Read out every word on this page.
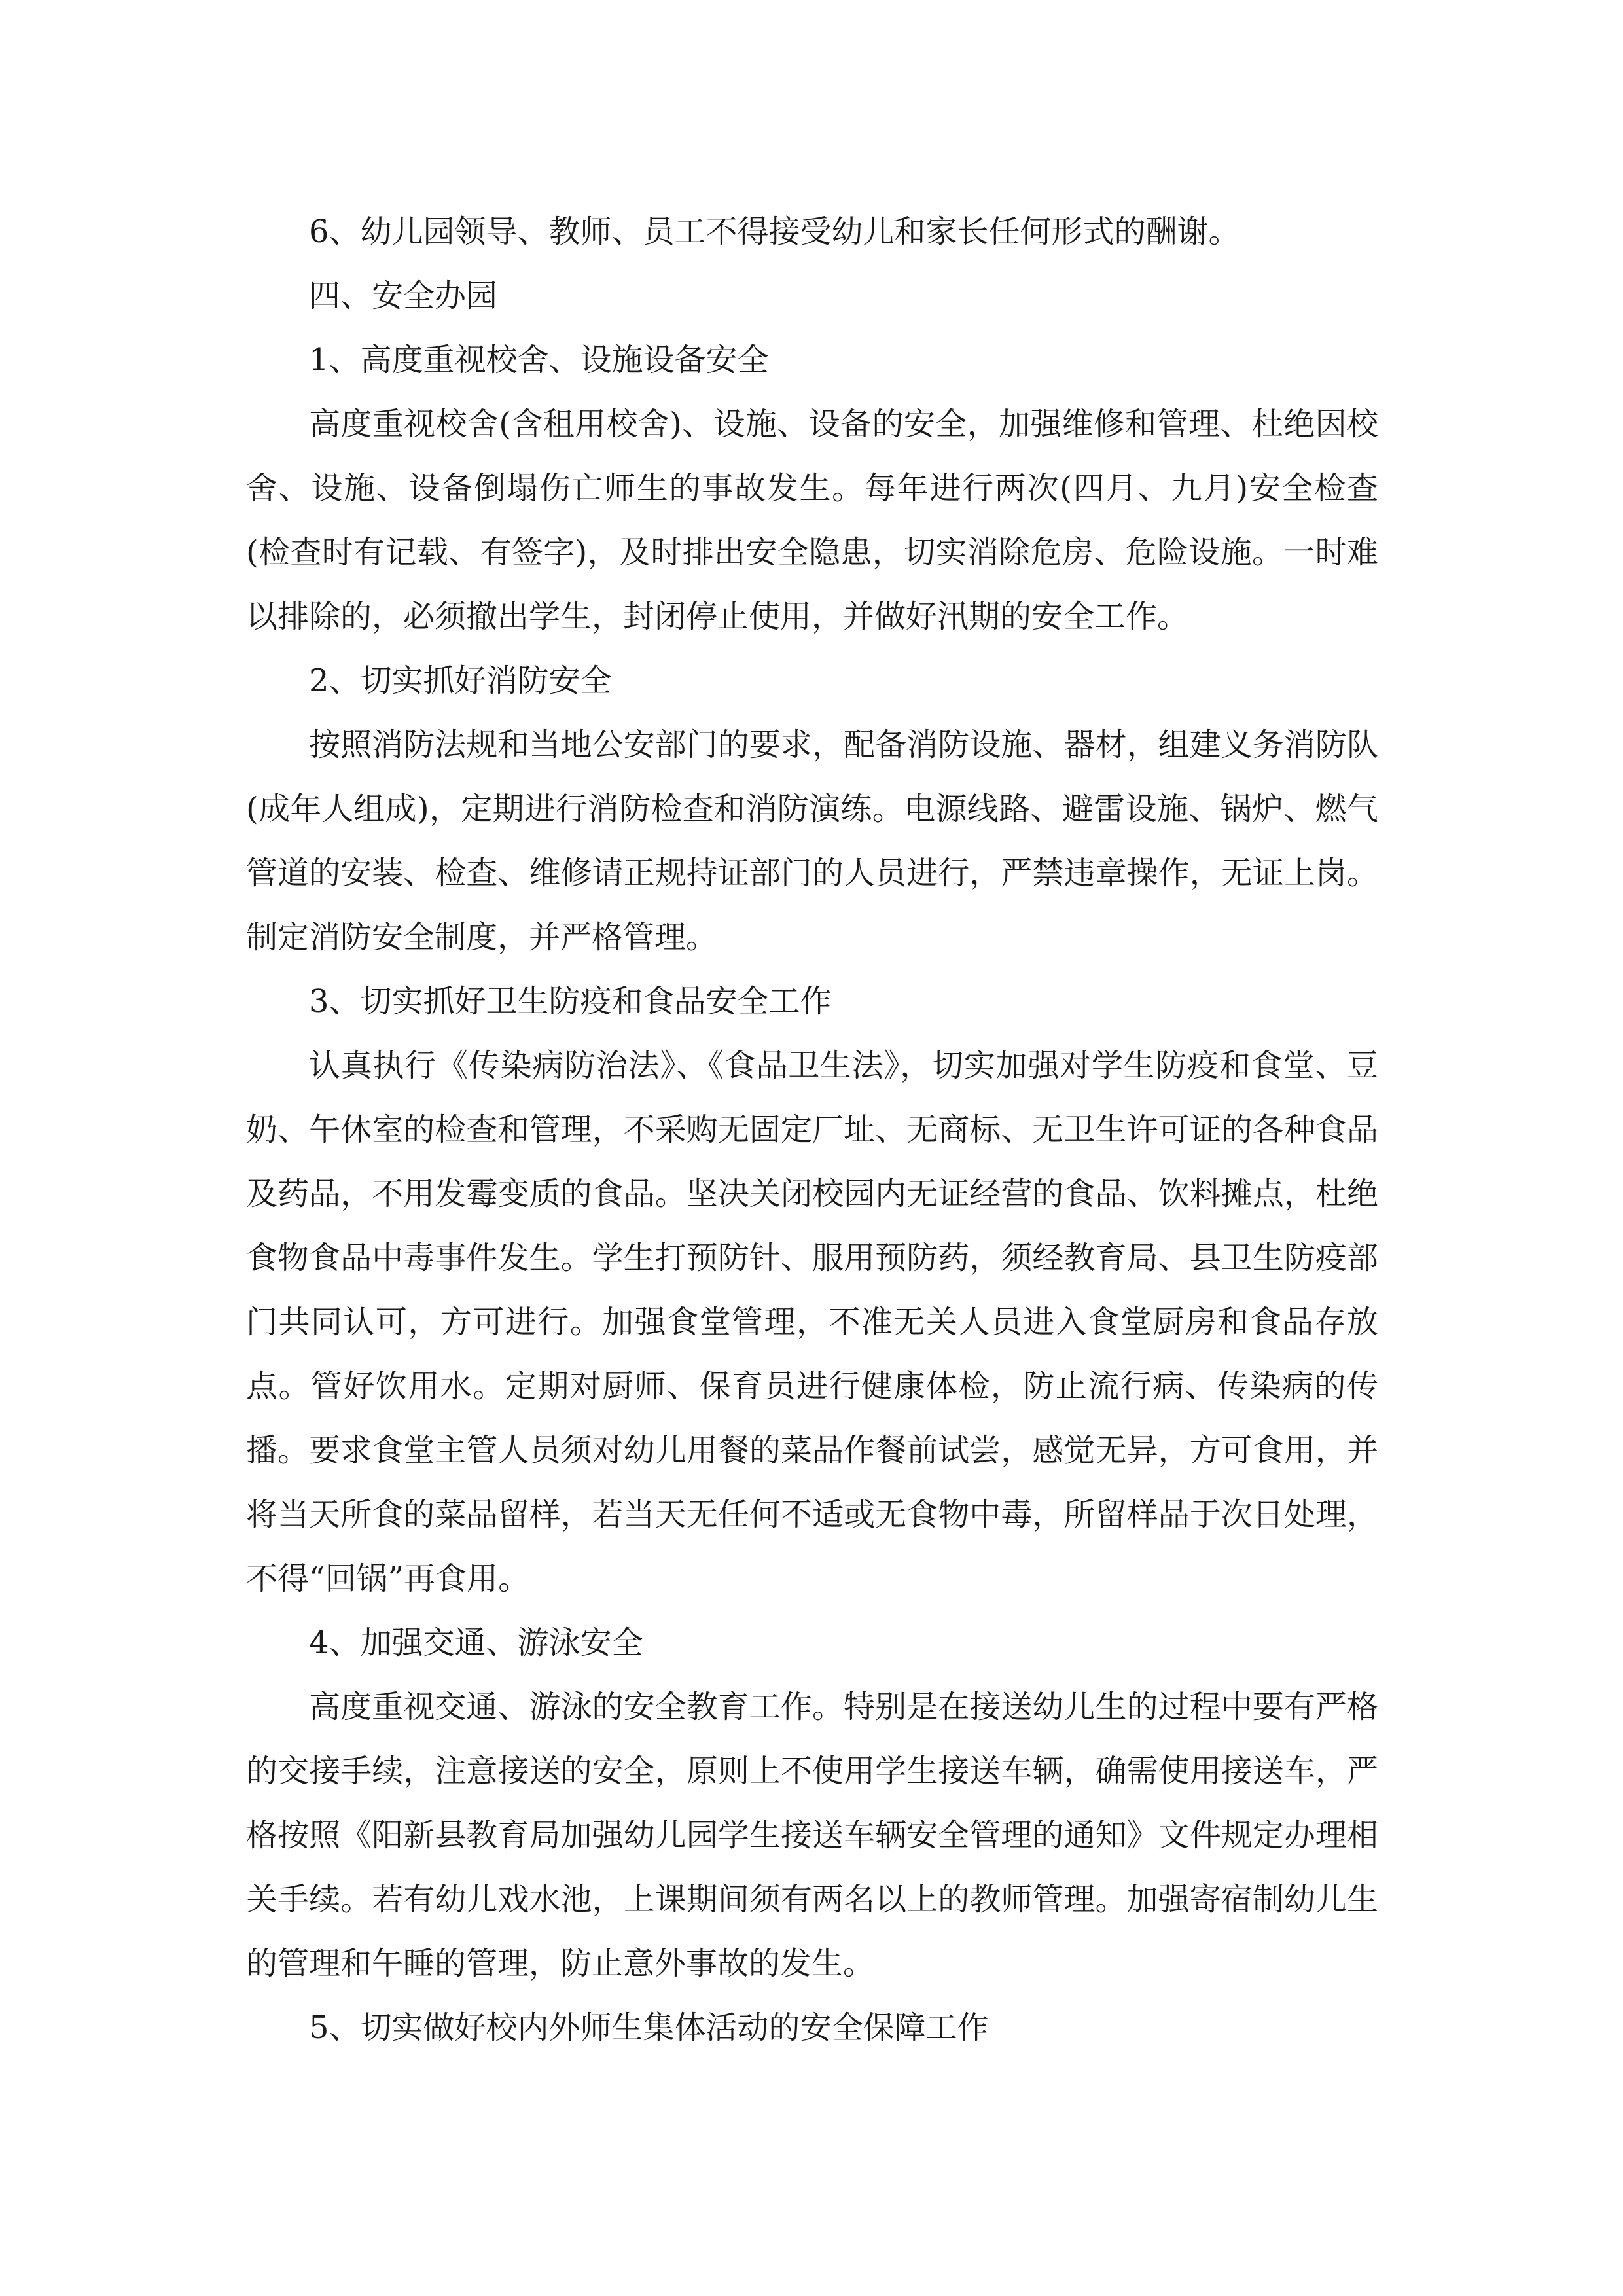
6、幼儿园领导、教师、员工不得接受幼儿和家长任何形式的酬谢。

四、安全办园

1、高度重视校舍、设施设备安全

高度重视校舍(含租用校舍)、设施、设备的安全，加强维修和管理、杜绝因校舍、设施、设备倒塌伤亡师生的事故发生。每年进行两次(四月、九月)安全检查(检查时有记载、有签字)，及时排出安全隐患，切实消除危房、危险设施。一时难以排除的，必须撤出学生，封闭停止使用，并做好汛期的安全工作。

2、切实抓好消防安全

按照消防法规和当地公安部门的要求，配备消防设施、器材，组建义务消防队(成年人组成)，定期进行消防检查和消防演练。电源线路、避雷设施、锅炉、燃气管道的安装、检查、维修请正规持证部门的人员进行，严禁违章操作，无证上岗。制定消防安全制度，并严格管理。

3、切实抓好卫生防疫和食品安全工作

认真执行《传染病防治法》、《食品卫生法》，切实加强对学生防疫和食堂、豆奶、午休室的检查和管理，不采购无固定厂址、无商标、无卫生许可证的各种食品及药品，不用发霉变质的食品。坚决关闭校园内无证经营的食品、饮料摊点，杜绝食物食品中毒事件发生。学生打预防针、服用预防药，须经教育局、县卫生防疫部门共同认可，方可进行。加强食堂管理，不准无关人员进入食堂厨房和食品存放点。管好饮用水。定期对厨师、保育员进行健康体检，防止流行病、传染病的传播。要求食堂主管人员须对幼儿用餐的菜品作餐前试尝，感觉无异，方可食用，并将当天所食的菜品留样，若当天无任何不适或无食物中毒，所留样品于次日处理，不得“回锅”再食用。

4、加强交通、游泳安全

高度重视交通、游泳的安全教育工作。特别是在接送幼儿生的过程中要有严格的交接手续，注意接送的安全，原则上不使用学生接送车辆，确需使用接送车，严格按照《阳新县教育局加强幼儿园学生接送车辆安全管理的通知》文件规定办理相关手续。若有幼儿戏水池，上课期间须有两名以上的教师管理。加强寄宿制幼儿生的管理和午睡的管理，防止意外事故的发生。

5、切实做好校内外师生集体活动的安全保障工作
